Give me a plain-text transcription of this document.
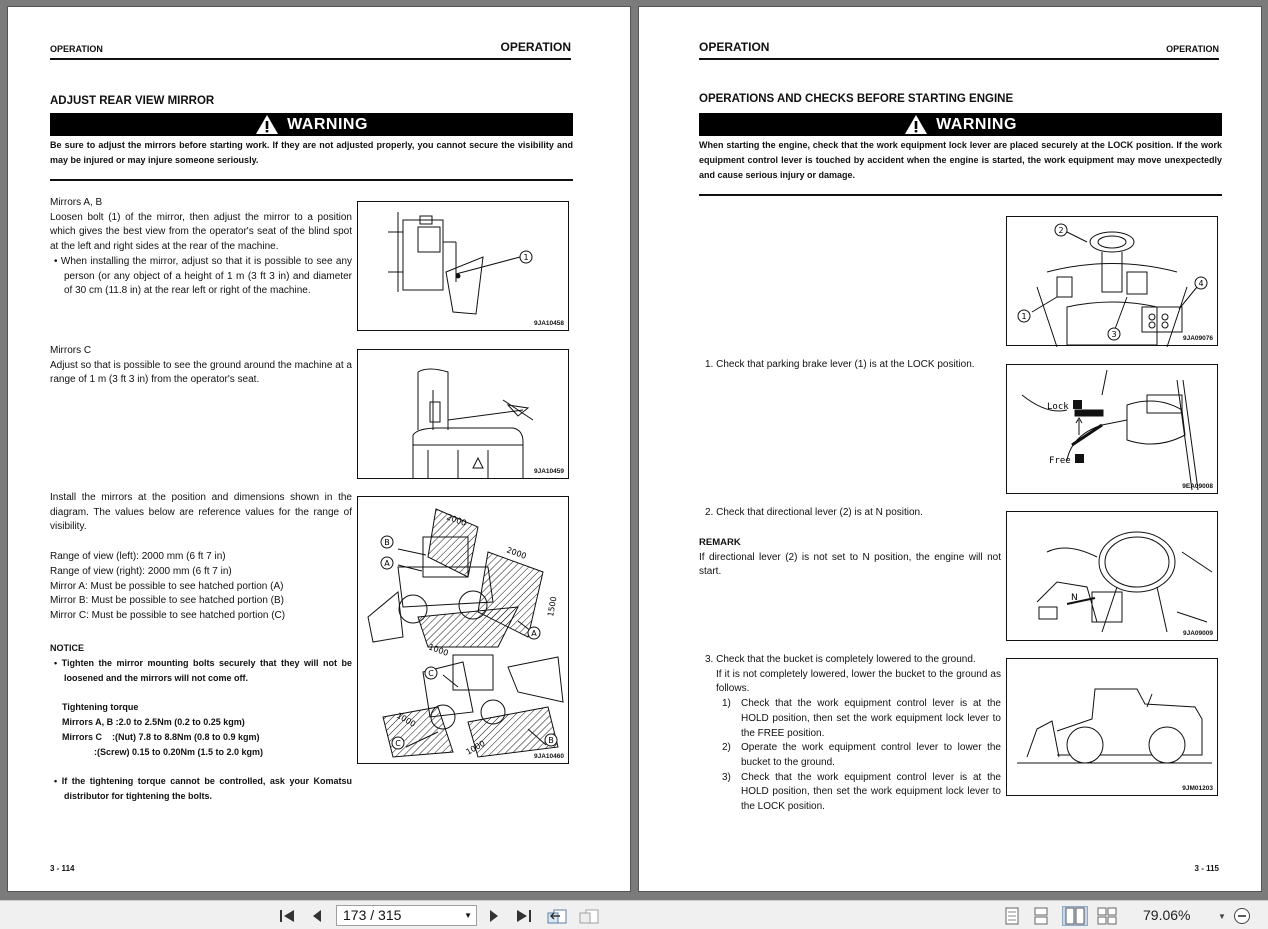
OPERATION	OPERATION
ADJUST REAR VIEW MIRROR
WARNING
Be sure to adjust the mirrors before starting work. If they are not adjusted properly, you cannot secure the visibility and may be injured or may injure someone seriously.
Mirrors A, B
Loosen bolt (1) of the mirror, then adjust the mirror to a position which gives the best view from the operator's seat of the blind spot at the left and right sides at the rear of the machine.
• When installing the mirror, adjust so that it is possible to see any person (or any object of a height of 1 m (3 ft 3 in) and diameter of 30 cm (11.8 in) at the rear left or right of the machine.
1
9JA10458
Mirrors C
Adjust so that is possible to see the ground around the machine at a range of 1 m (3 ft 3 in) from the operator's seat.
9JA10459
Install the mirrors at the position and dimensions shown in the diagram. The values below are reference values for the range of visibility.
Range of view (left): 2000 mm (6 ft 7 in)
Range of view (right): 2000 mm (6 ft 7 in)
Mirror A: Must be possible to see hatched portion (A)
Mirror B: Must be possible to see hatched portion (B)
Mirror C: Must be possible to see hatched portion (C)
NOTICE
• Tighten the mirror mounting bolts securely that they will not be loosened and the mirrors will not come off.
Tightening torque
Mirrors A, B :2.0 to 2.5Nm (0.2 to 0.25 kgm)
Mirrors C    :(Nut) 7.8 to 8.8Nm (0.8 to 0.9 kgm)
:(Screw) 0.15 to 0.20Nm (1.5 to 2.0 kgm)
• If the tightening torque cannot be controlled, ask your Komatsu distributor for tightening the bolts.
B
A
A
C
C	B
2000
2000
1500
1000
1000
1000	9JA10460
3 - 114
OPERATION	OPERATION
OPERATIONS AND CHECKS BEFORE STARTING ENGINE
WARNING
When starting the engine, check that the work equipment lock lever are placed securely at the LOCK position. If the work equipment control lever is touched by accident when the engine is started, the work equipment may move unexpectedly and cause serious injury or damage.
2
1
3
4
9JA09076
1. Check that parking brake lever (1) is at the LOCK position.
Lock
Free
9EA09008
2. Check that directional lever (2) is at N position.
REMARK
If directional lever (2) is not set to N position, the engine will not start.
N
9JA09009
3. Check that the bucket is completely lowered to the ground.
If it is not completely lowered, lower the bucket to the ground as follows.
1)	Check that the work equipment control lever is at the HOLD position, then set the work equipment lock lever to the FREE position.
2)	Operate the work equipment control lever to lower the bucket to the ground.
3)	Check that the work equipment control lever is at the HOLD position, then set the work equipment lock lever to the LOCK position.
9JM01203
3 - 115
173 / 315	▼	79.06%	▼
